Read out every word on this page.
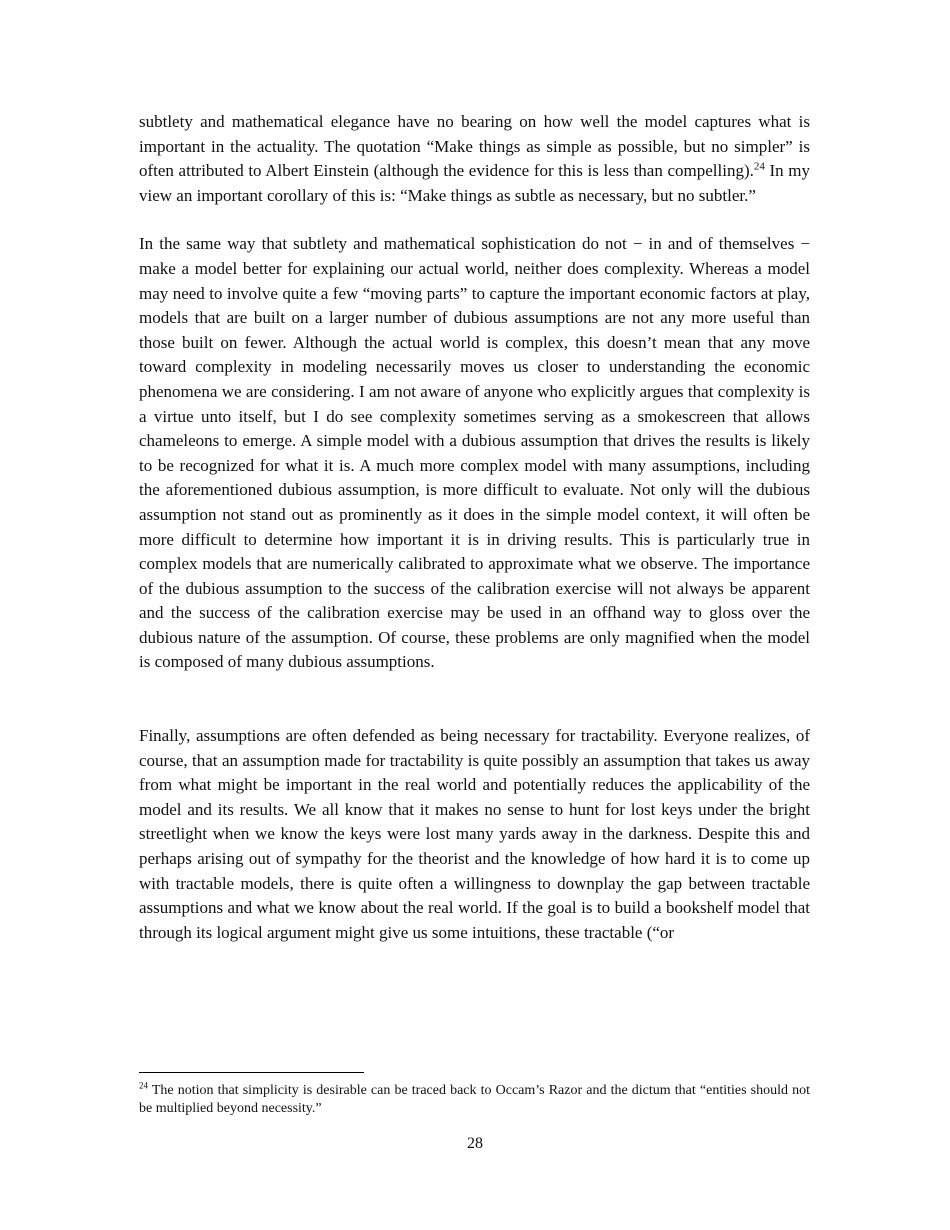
subtlety and mathematical elegance have no bearing on how well the model captures what is important in the actuality. The quotation “Make things as simple as possible, but no simpler” is often attributed to Albert Einstein (although the evidence for this is less than compelling).$^{24}$ In my view an important corollary of this is: “Make things as subtle as necessary, but no subtler.”

In the same way that subtlety and mathematical sophistication do not − in and of themselves − make a model better for explaining our actual world, neither does complexity. Whereas a model may need to involve quite a few “moving parts” to capture the important economic factors at play, models that are built on a larger number of dubious assumptions are not any more useful than those built on fewer. Although the actual world is complex, this doesn’t mean that any move toward complexity in modeling necessarily moves us closer to understanding the economic phenomena we are considering. I am not aware of anyone who explicitly argues that complexity is a virtue unto itself, but I do see complexity sometimes serving as a smokescreen that allows chameleons to emerge. A simple model with a dubious assumption that drives the results is likely to be recognized for what it is. A much more complex model with many assumptions, including the aforementioned dubious assumption, is more difficult to evaluate. Not only will the dubious assumption not stand out as prominently as it does in the simple model context, it will often be more difficult to determine how important it is in driving results. This is particularly true in complex models that are numerically calibrated to approximate what we observe. The importance of the dubious assumption to the success of the calibration exercise will not always be apparent and the success of the calibration exercise may be used in an offhand way to gloss over the dubious nature of the assumption. Of course, these problems are only magnified when the model is composed of many dubious assumptions.

Finally, assumptions are often defended as being necessary for tractability. Everyone realizes, of course, that an assumption made for tractability is quite possibly an assumption that takes us away from what might be important in the real world and potentially reduces the applicability of the model and its results. We all know that it makes no sense to hunt for lost keys under the bright streetlight when we know the keys were lost many yards away in the darkness. Despite this and perhaps arising out of sympathy for the theorist and the knowledge of how hard it is to come up with tractable models, there is quite often a willingness to downplay the gap between tractable assumptions and what we know about the real world. If the goal is to build a bookshelf model that through its logical argument might give us some intuitions, these tractable (“or

$^{24}$ The notion that simplicity is desirable can be traced back to Occam’s Razor and the dictum that “entities should not be multiplied beyond necessity.”

28
